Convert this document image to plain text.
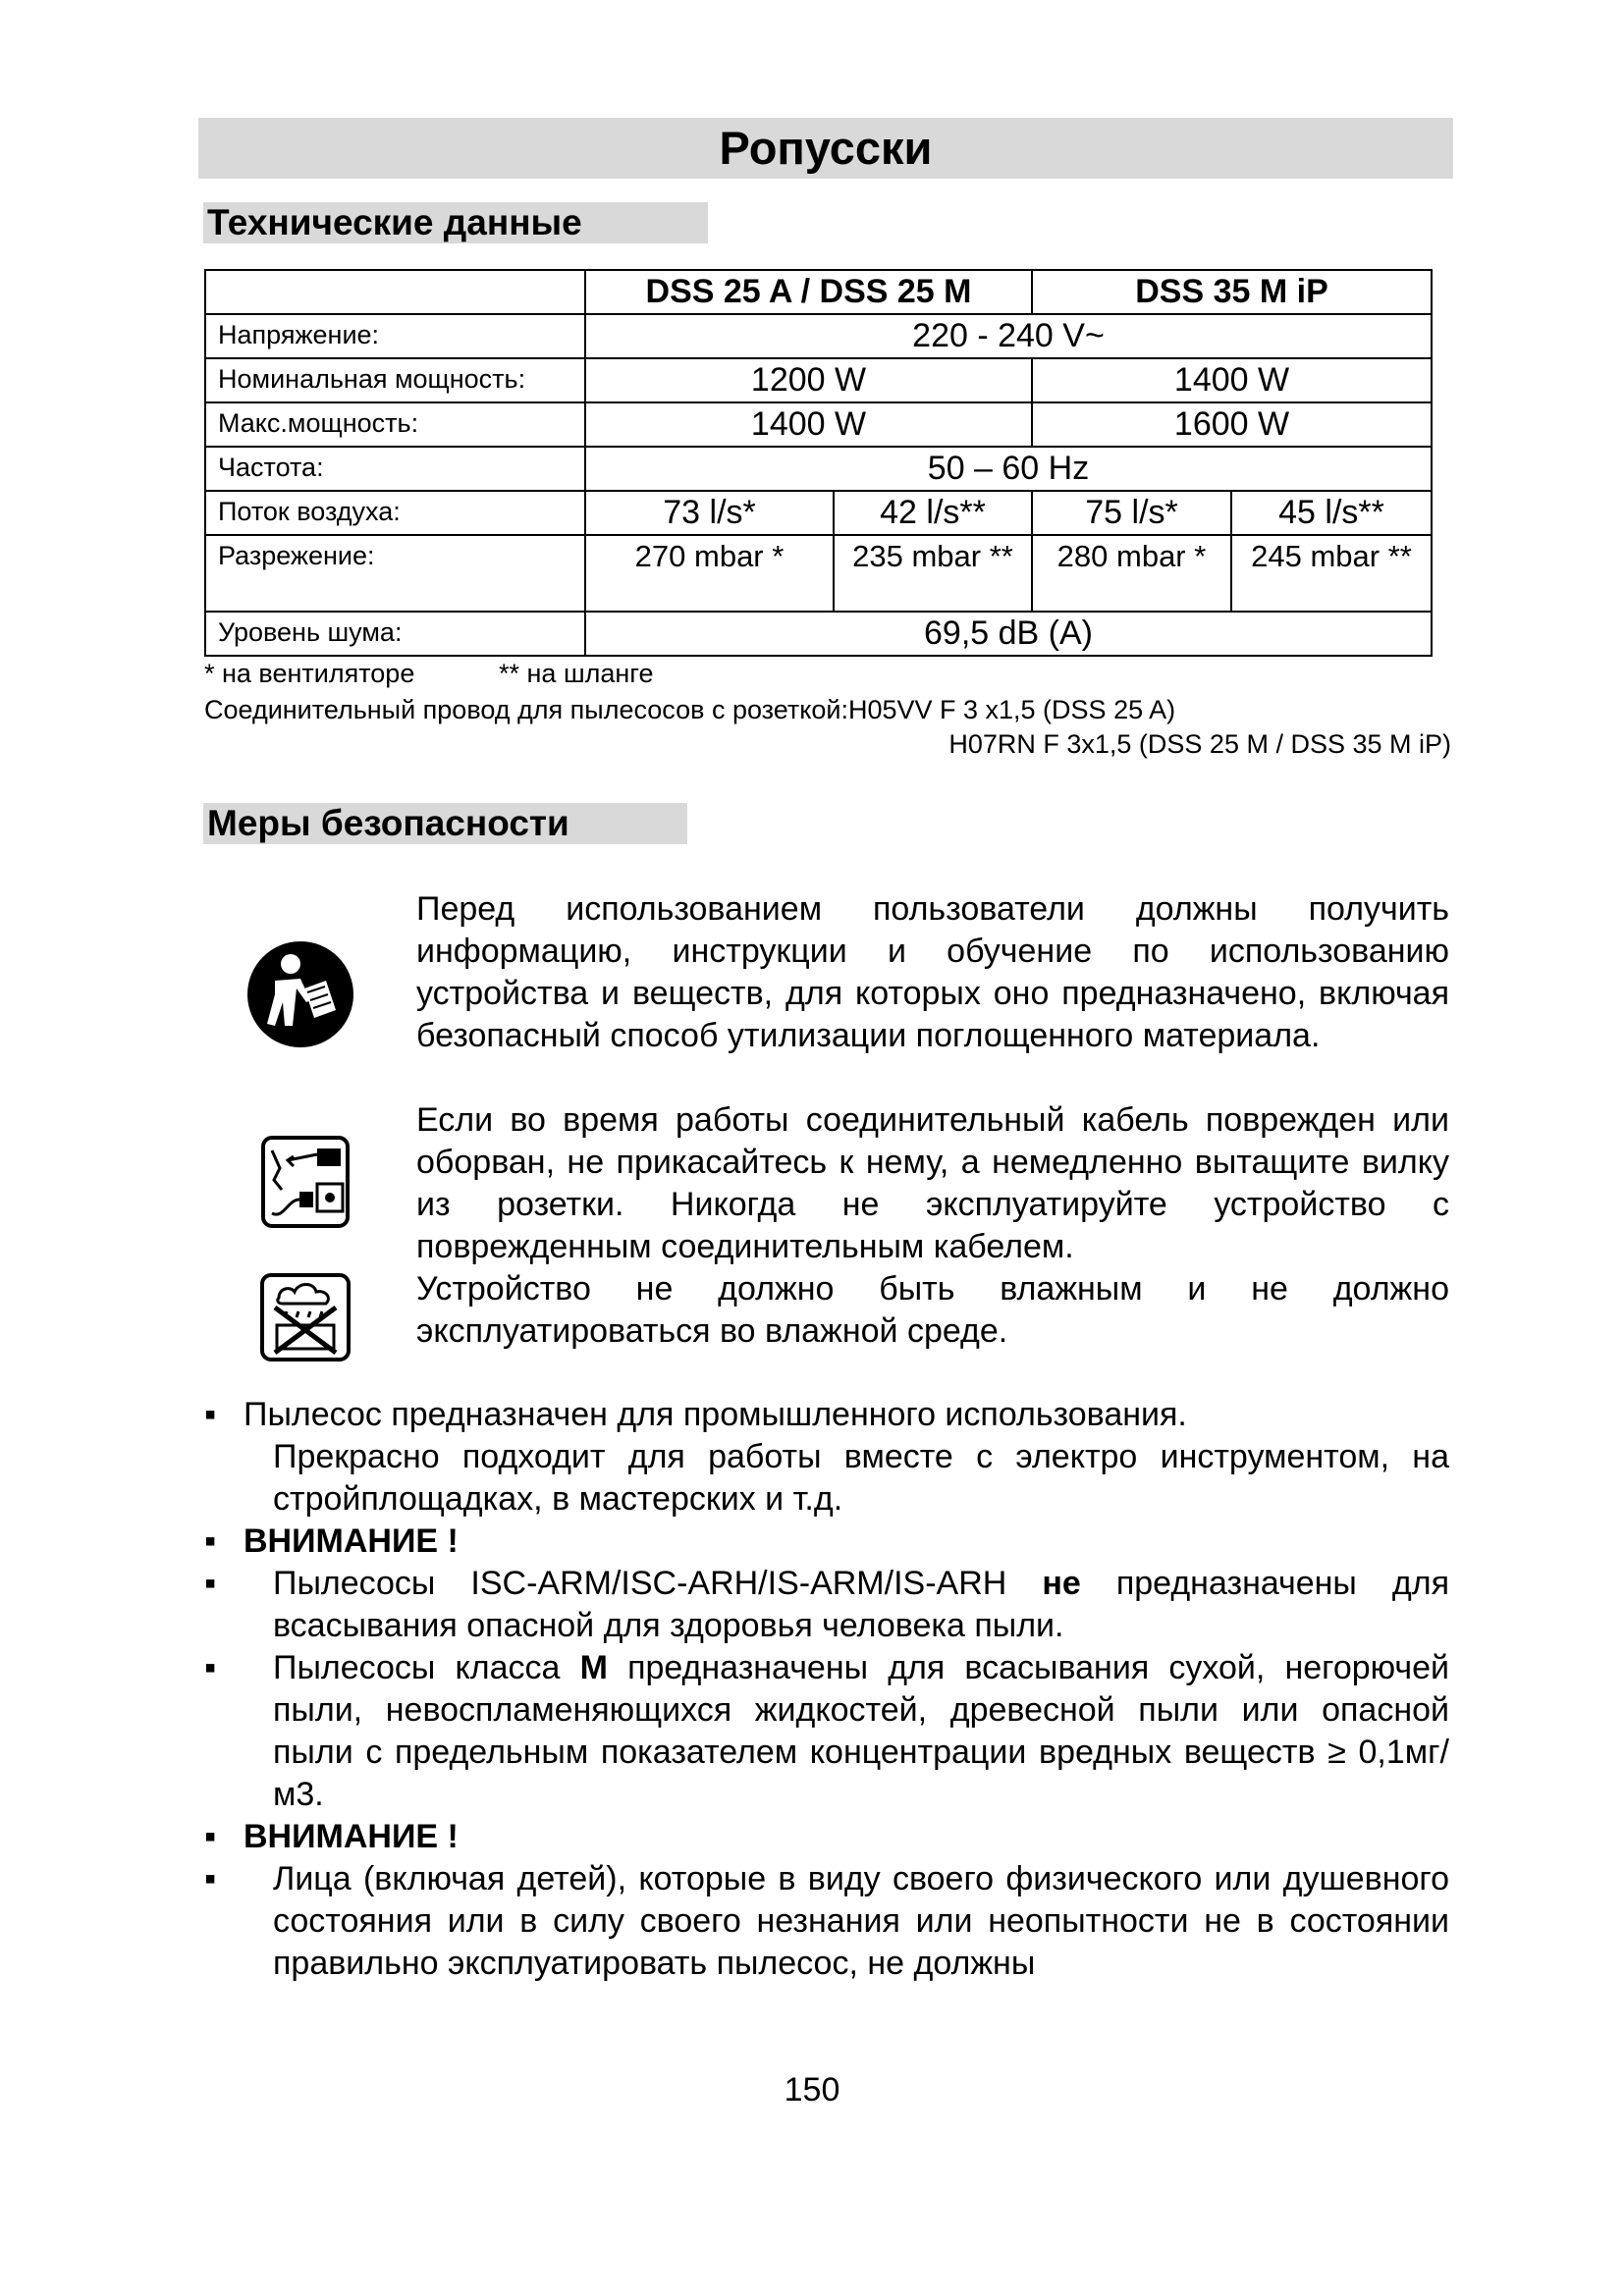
Ропусски
Технические данные
	DSS 25 A / DSS 25 M		DSS 35 M iP	
Напряжение:	220 - 240 V~			
Номинальная мощность:	1200 W		1400 W	
Макс.мощность:	1400 W		1600 W	
Частота:	50 – 60 Hz			
Поток воздуха:	73 l/s*	42 l/s**	75 l/s*	45 l/s**
Разрежение:	270 mbar *	235 mbar **	280 mbar *	245 mbar **
Уровень шума:	69,5 dB (A)			
* на вентиляторе	** на шланге
Соединительный провод для пылесосов с розеткой:H05VV F 3 x1,5 (DSS 25 A)
H07RN F 3x1,5 (DSS 25 M / DSS 35 M iP)
Меры безопасности
Перед использованием пользователи должны получить информацию, инструкции и обучение по использованию устройства и веществ, для которых оно предназначено, включая безопасный способ утилизации поглощенного материала.
Если во время работы соединительный кабель поврежден или оборван, не прикасайтесь к нему, а немедленно вытащите вилку из розетки. Никогда не эксплуатируйте устройство с поврежденным соединительным кабелем.
Устройство не должно быть влажным и не должно эксплуатироваться во влажной среде.
▪ Пылесос предназначен для промышленного использования.
Прекрасно подходит для работы вместе с электро инструментом, на стройплощадках, в мастерских и т.д.
▪ ВНИМАНИЕ !
▪ Пылесосы ISC-ARM/ISC-ARH/IS-ARM/IS-ARH не предназначены для всасывания опасной для здоровья человека пыли.
▪ Пылесосы класса M предназначены для всасывания сухой, негорючей пыли, невоспламеняющихся жидкостей, древесной пыли или опасной пыли с предельным показателем концентрации вредных веществ ≥ 0,1мг/м3.
▪ ВНИМАНИЕ !
▪ Лица (включая детей), которые в виду своего физического или душевного состояния или в силу своего незнания или неопытности не в состоянии правильно эксплуатировать пылесос, не должны
150
